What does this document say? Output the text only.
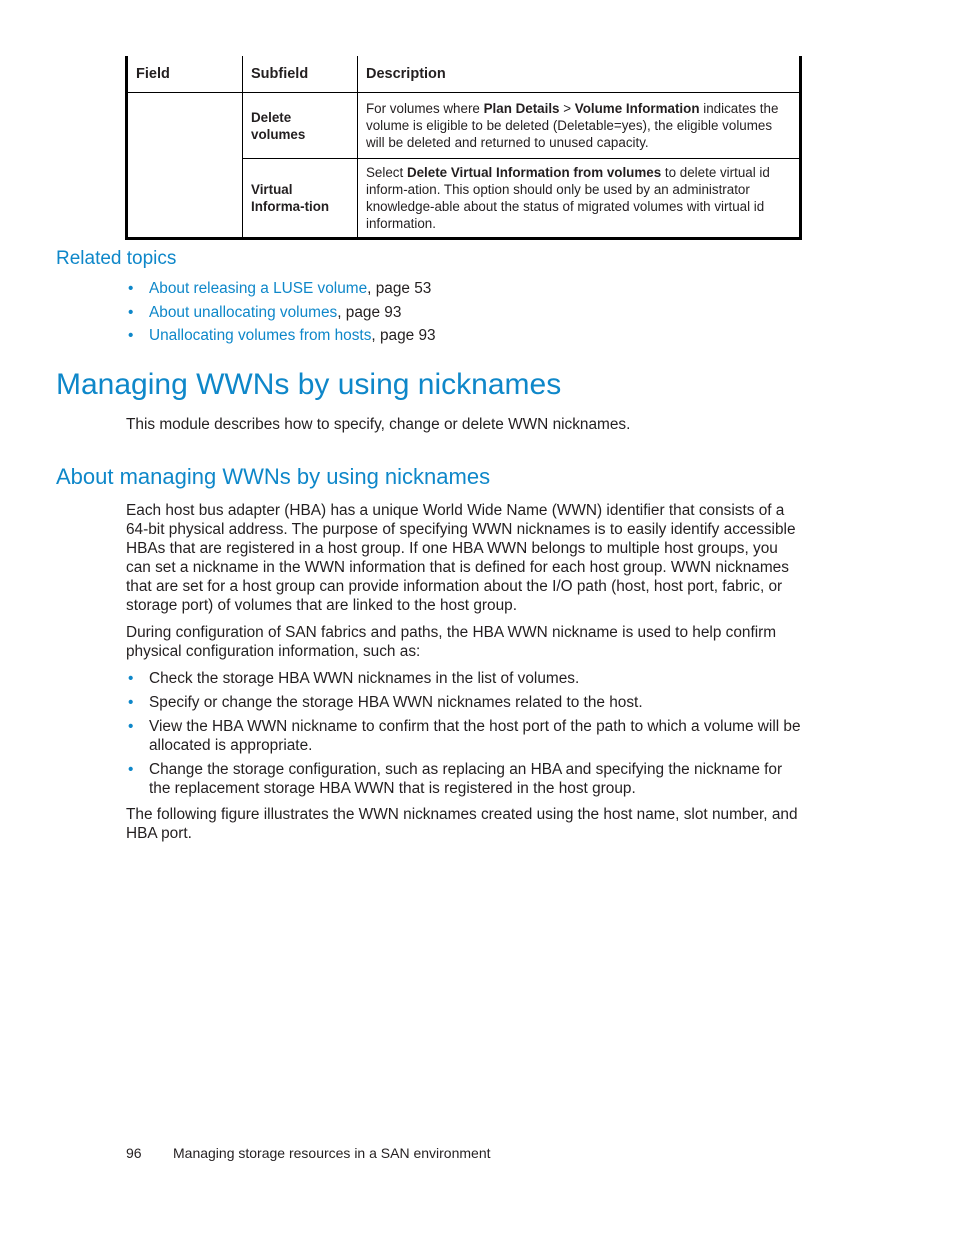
Field	Subfield	Description
	Delete volumes	For volumes where Plan Details > Volume Information indicates the volume is eligible to be deleted (Deletable=yes), the eligible volumes will be deleted and returned to unused capacity.
	Virtual Informa-tion	Select Delete Virtual Information from volumes to delete virtual id inform-ation. This option should only be used by an administrator knowledge-able about the status of migrated volumes with virtual id information.
Related topics
• About releasing a LUSE volume, page 53
• About unallocating volumes, page 93
• Unallocating volumes from hosts, page 93
Managing WWNs by using nicknames
This module describes how to specify, change or delete WWN nicknames.
About managing WWNs by using nicknames
Each host bus adapter (HBA) has a unique World Wide Name (WWN) identifier that consists of a 64-bit physical address. The purpose of specifying WWN nicknames is to easily identify accessible HBAs that are registered in a host group. If one HBA WWN belongs to multiple host groups, you can set a nickname in the WWN information that is defined for each host group. WWN nicknames that are set for a host group can provide information about the I/O path (host, host port, fabric, or storage port) of volumes that are linked to the host group.
During configuration of SAN fabrics and paths, the HBA WWN nickname is used to help confirm physical configuration information, such as:
• Check the storage HBA WWN nicknames in the list of volumes.
• Specify or change the storage HBA WWN nicknames related to the host.
• View the HBA WWN nickname to confirm that the host port of the path to which a volume will be allocated is appropriate.
• Change the storage configuration, such as replacing an HBA and specifying the nickname for the replacement storage HBA WWN that is registered in the host group.
The following figure illustrates the WWN nicknames created using the host name, slot number, and HBA port.
96 Managing storage resources in a SAN environment
